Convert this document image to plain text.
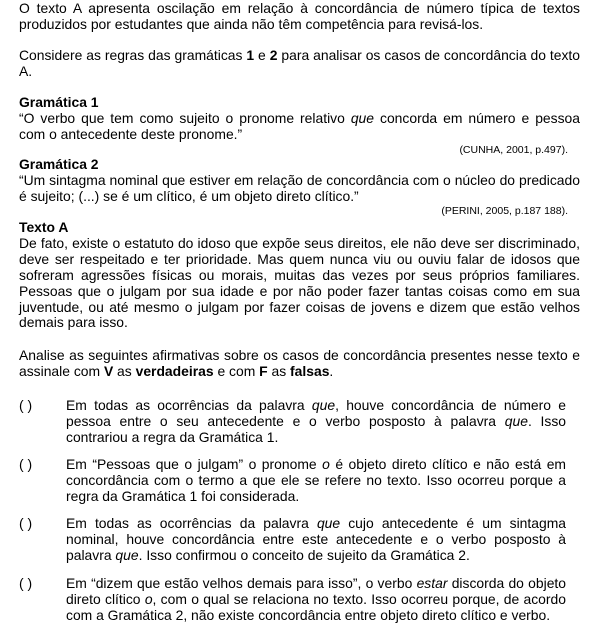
O texto A apresenta oscilação em relação à concordância de número típica de textos produzidos por estudantes que ainda não têm competência para revisá-los.

Considere as regras das gramáticas 1 e 2 para analisar os casos de concordância do texto A.

Gramática 1

“O verbo que tem como sujeito o pronome relativo que concorda em número e pessoa com o antecedente deste pronome.”

(CUNHA, 2001, p.497).

Gramática 2

“Um sintagma nominal que estiver em relação de concordância com o núcleo do predicado é sujeito; (...) se é um clítico, é um objeto direto clítico.”

(PERINI, 2005, p.187 188).

Texto A

De fato, existe o estatuto do idoso que expõe seus direitos, ele não deve ser discriminado, deve ser respeitado e ter prioridade. Mas quem nunca viu ou ouviu falar de idosos que sofreram agressões físicas ou morais, muitas das vezes por seus próprios familiares. Pessoas que o julgam por sua idade e por não poder fazer tantas coisas como em sua juventude, ou até mesmo o julgam por fazer coisas de jovens e dizem que estão velhos demais para isso.

Analise as seguintes afirmativas sobre os casos de concordância presentes nesse texto e assinale com V as verdadeiras e com F as falsas.

( ) Em todas as ocorrências da palavra que, houve concordância de número e pessoa entre o seu antecedente e o verbo posposto à palavra que. Isso contrariou a regra da Gramática 1.
( ) Em “Pessoas que o julgam” o pronome o é objeto direto clítico e não está em concordância com o termo a que ele se refere no texto. Isso ocorreu porque a regra da Gramática 1 foi considerada.
( ) Em todas as ocorrências da palavra que cujo antecedente é um sintagma nominal, houve concordância entre este antecedente e o verbo posposto à palavra que. Isso confirmou o conceito de sujeito da Gramática 2.
( ) Em “dizem que estão velhos demais para isso”, o verbo estar discorda do objeto direto clítico o, com o qual se relaciona no texto. Isso ocorreu porque, de acordo com a Gramática 2, não existe concordância entre objeto direto clítico e verbo.
